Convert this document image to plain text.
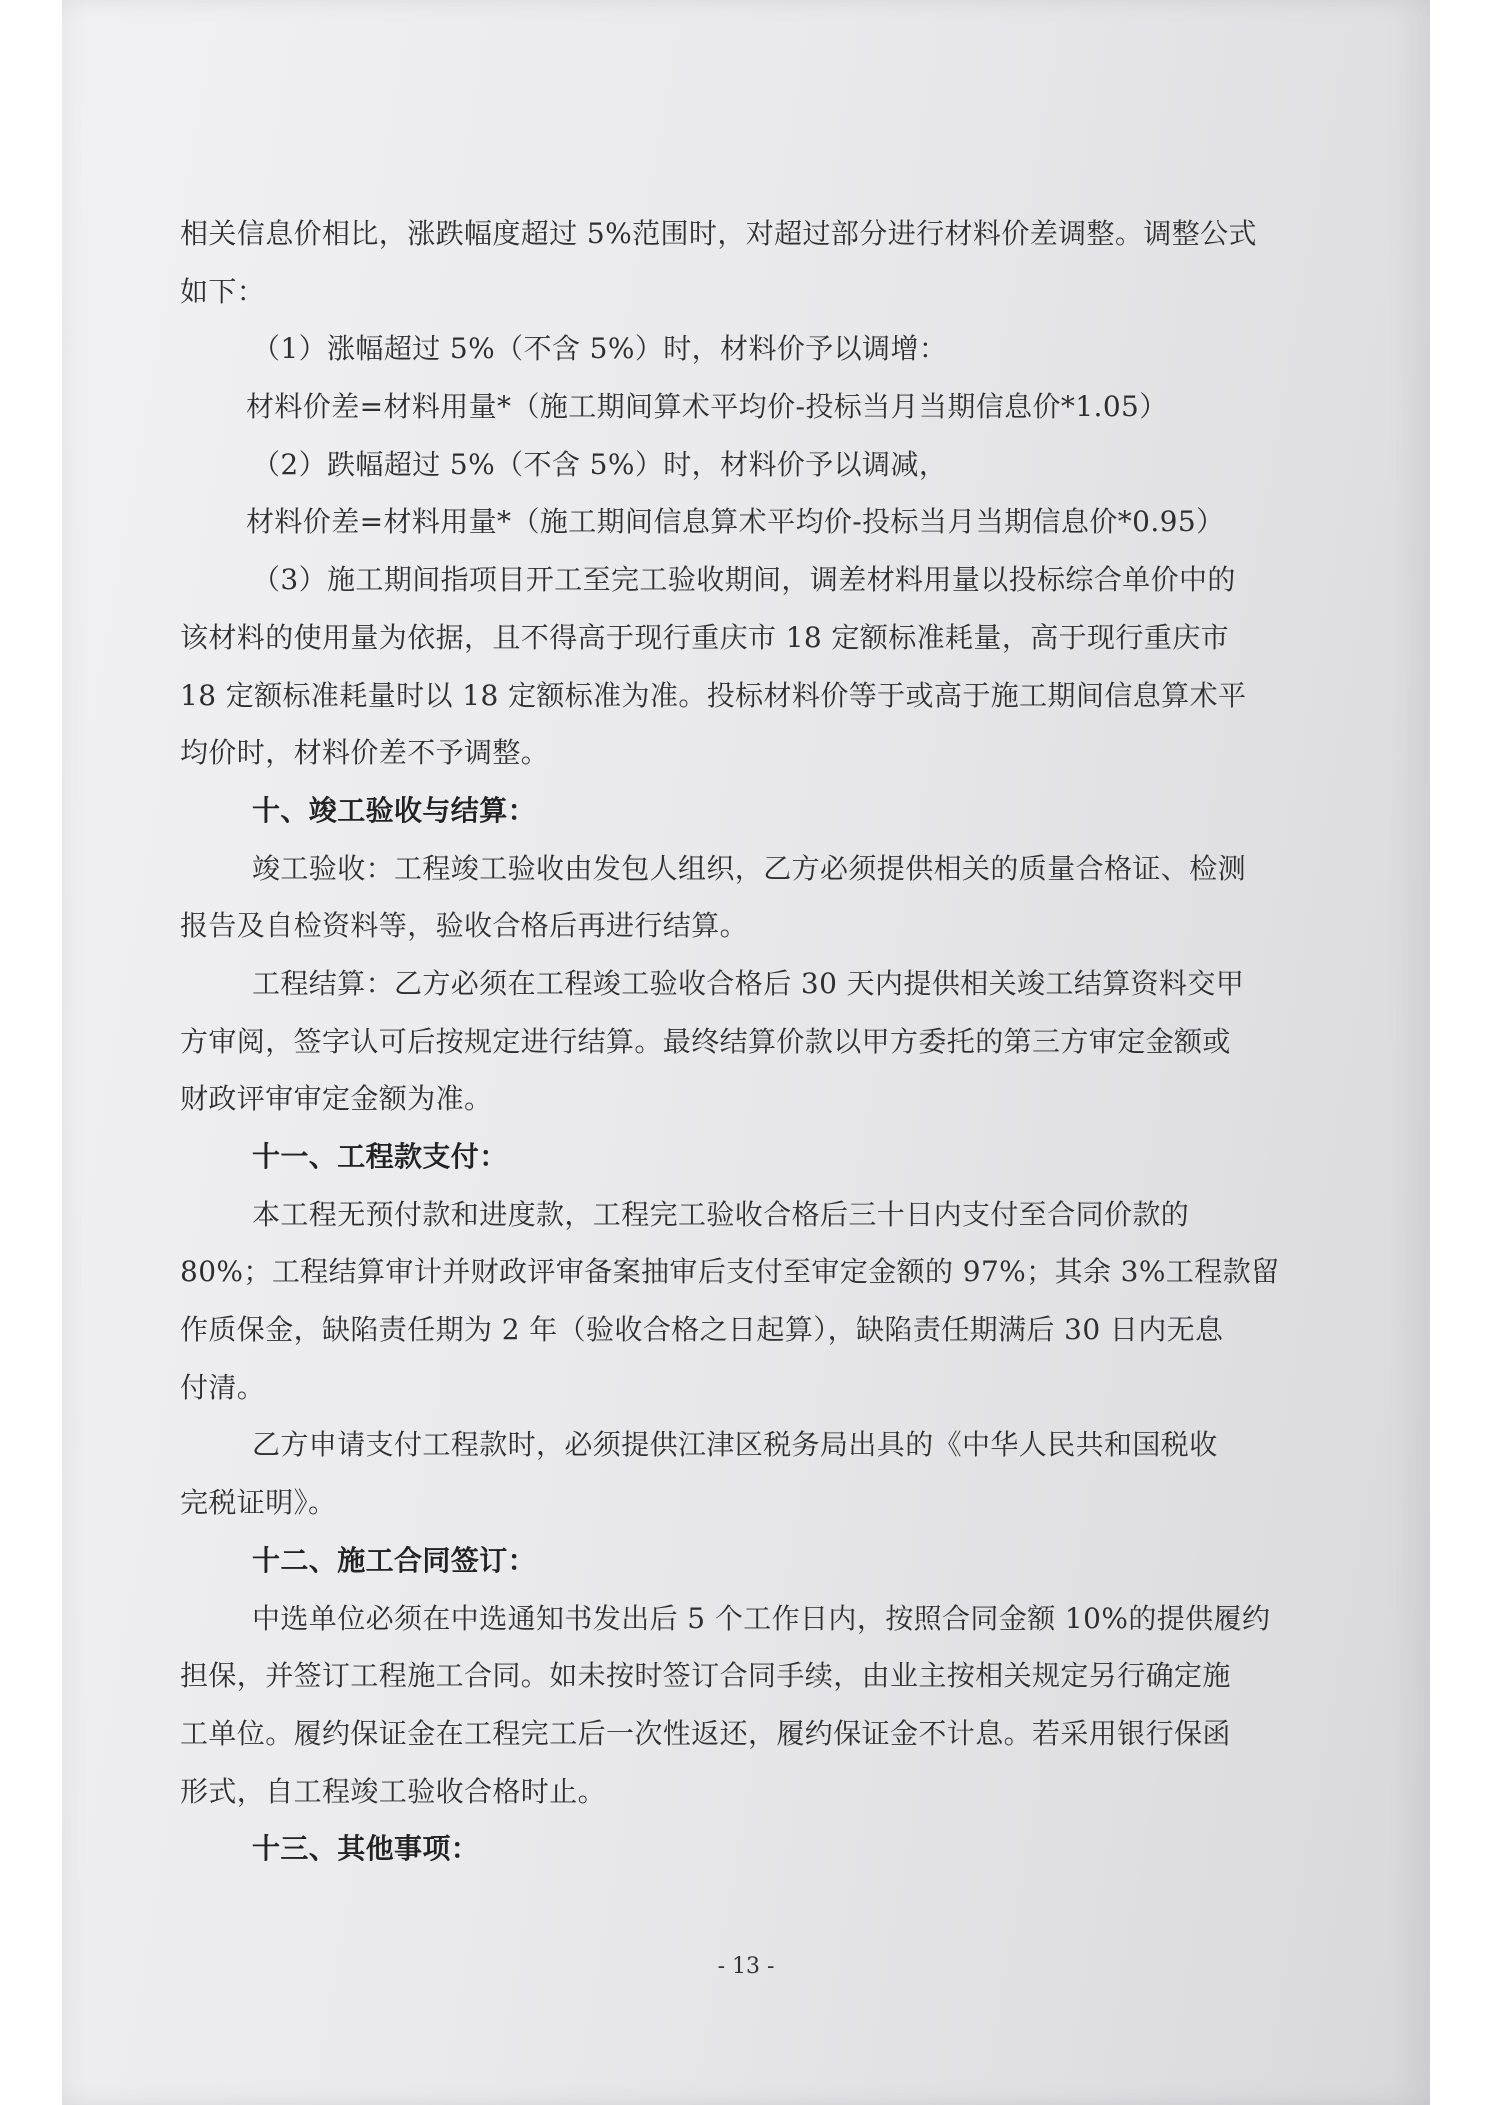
相关信息价相比，涨跌幅度超过 5%范围时，对超过部分进行材料价差调整。调整公式
如下：
（1）涨幅超过 5%（不含 5%）时，材料价予以调增：
材料价差=材料用量*（施工期间算术平均价-投标当月当期信息价*1.05）
（2）跌幅超过 5%（不含 5%）时，材料价予以调减，
材料价差=材料用量*（施工期间信息算术平均价-投标当月当期信息价*0.95）
（3）施工期间指项目开工至完工验收期间，调差材料用量以投标综合单价中的
该材料的使用量为依据，且不得高于现行重庆市 18 定额标准耗量，高于现行重庆市
18 定额标准耗量时以 18 定额标准为准。投标材料价等于或高于施工期间信息算术平
均价时，材料价差不予调整。
十、竣工验收与结算：
竣工验收：工程竣工验收由发包人组织，乙方必须提供相关的质量合格证、检测
报告及自检资料等，验收合格后再进行结算。
工程结算：乙方必须在工程竣工验收合格后 30 天内提供相关竣工结算资料交甲
方审阅，签字认可后按规定进行结算。最终结算价款以甲方委托的第三方审定金额或
财政评审审定金额为准。
十一、工程款支付：
本工程无预付款和进度款，工程完工验收合格后三十日内支付至合同价款的
80%；工程结算审计并财政评审备案抽审后支付至审定金额的 97%；其余 3%工程款留
作质保金，缺陷责任期为 2 年（验收合格之日起算），缺陷责任期满后 30 日内无息
付清。
乙方申请支付工程款时，必须提供江津区税务局出具的《中华人民共和国税收
完税证明》。
十二、施工合同签订：
中选单位必须在中选通知书发出后 5 个工作日内，按照合同金额 10%的提供履约
担保，并签订工程施工合同。如未按时签订合同手续，由业主按相关规定另行确定施
工单位。履约保证金在工程完工后一次性返还，履约保证金不计息。若采用银行保函
形式，自工程竣工验收合格时止。
十三、其他事项：
- 13 -
